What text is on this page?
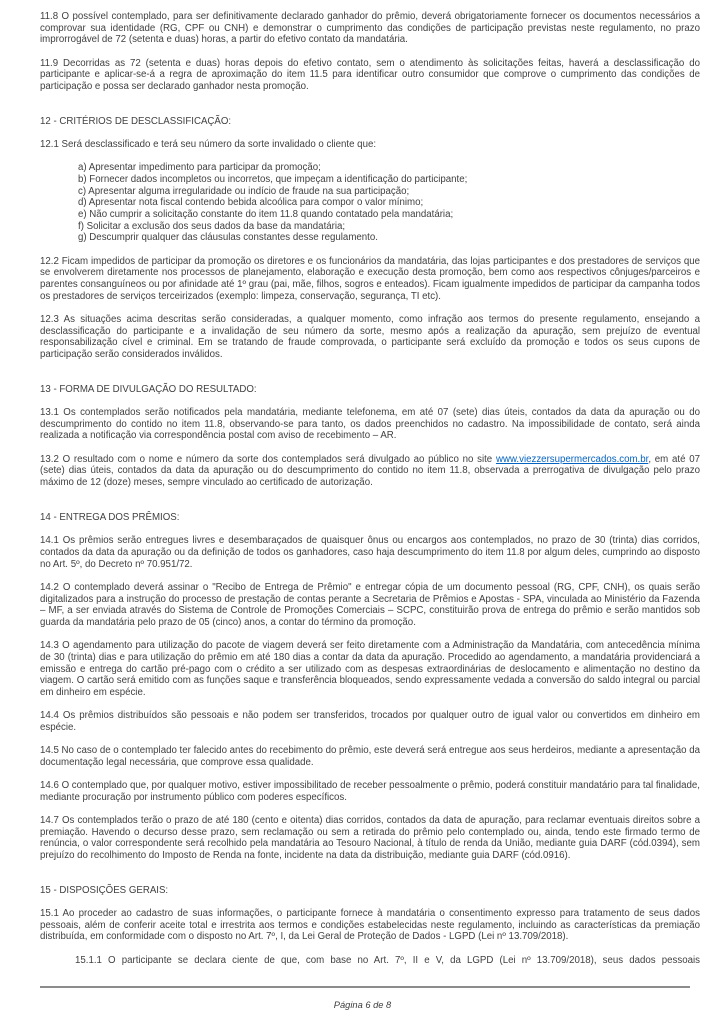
11.8 O possível contemplado, para ser definitivamente declarado ganhador do prêmio, deverá obrigatoriamente fornecer os documentos necessários a comprovar sua identidade (RG, CPF ou CNH) e demonstrar o cumprimento das condições de participação previstas neste regulamento, no prazo improrrogável de 72 (setenta e duas) horas, a partir do efetivo contato da mandatária.

11.9 Decorridas as 72 (setenta e duas) horas depois do efetivo contato, sem o atendimento às solicitações feitas, haverá a desclassificação do participante e aplicar-se-á a regra de aproximação do item 11.5 para identificar outro consumidor que comprove o cumprimento das condições de participação e possa ser declarado ganhador nesta promoção.

12 - CRITÉRIOS DE DESCLASSIFICAÇÃO:

12.1 Será desclassificado e terá seu número da sorte invalidado o cliente que:

a) Apresentar impedimento para participar da promoção;
b) Fornecer dados incompletos ou incorretos, que impeçam a identificação do participante;
c) Apresentar alguma irregularidade ou indício de fraude na sua participação;
d) Apresentar nota fiscal contendo bebida alcoólica para compor o valor mínimo;
e) Não cumprir a solicitação constante do item 11.8 quando contatado pela mandatária;
f) Solicitar a exclusão dos seus dados da base da mandatária;
g) Descumprir qualquer das cláusulas constantes desse regulamento.

12.2 Ficam impedidos de participar da promoção os diretores e os funcionários da mandatária, das lojas participantes e dos prestadores de serviços que se envolverem diretamente nos processos de planejamento, elaboração e execução desta promoção, bem como aos respectivos cônjuges/parceiros e parentes consanguíneos ou por afinidade até 1º grau (pai, mãe, filhos, sogros e enteados). Ficam igualmente impedidos de participar da campanha todos os prestadores de serviços terceirizados (exemplo: limpeza, conservação, segurança, TI etc).

12.3 As situações acima descritas serão consideradas, a qualquer momento, como infração aos termos do presente regulamento, ensejando a desclassificação do participante e a invalidação de seu número da sorte, mesmo após a realização da apuração, sem prejuízo de eventual responsabilização cível e criminal. Em se tratando de fraude comprovada, o participante será excluído da promoção e todos os seus cupons de participação serão considerados inválidos.

13 - FORMA DE DIVULGAÇÃO DO RESULTADO:

13.1 Os contemplados serão notificados pela mandatária, mediante telefonema, em até 07 (sete) dias úteis, contados da data da apuração ou do descumprimento do contido no item 11.8, observando-se para tanto, os dados preenchidos no cadastro. Na impossibilidade de contato, será ainda realizada a notificação via correspondência postal com aviso de recebimento – AR.

13.2 O resultado com o nome e número da sorte dos contemplados será divulgado ao público no site www.viezzersupermercados.com.br, em até 07 (sete) dias úteis, contados da data da apuração ou do descumprimento do contido no item 11.8, observada a prerrogativa de divulgação pelo prazo máximo de 12 (doze) meses, sempre vinculado ao certificado de autorização.

14 - ENTREGA DOS PRÊMIOS:

14.1 Os prêmios serão entregues livres e desembaraçados de quaisquer ônus ou encargos aos contemplados, no prazo de 30 (trinta) dias corridos, contados da data da apuração ou da definição de todos os ganhadores, caso haja descumprimento do item 11.8 por algum deles, cumprindo ao disposto no Art. 5º, do Decreto nº 70.951/72.

14.2 O contemplado deverá assinar o "Recibo de Entrega de Prêmio" e entregar cópia de um documento pessoal (RG, CPF, CNH), os quais serão digitalizados para a instrução do processo de prestação de contas perante a Secretaria de Prêmios e Apostas - SPA, vinculada ao Ministério da Fazenda – MF, a ser enviada através do Sistema de Controle de Promoções Comerciais – SCPC, constituirão prova de entrega do prêmio e serão mantidos sob guarda da mandatária pelo prazo de 05 (cinco) anos, a contar do término da promoção.

14.3 O agendamento para utilização do pacote de viagem deverá ser feito diretamente com a Administração da Mandatária, com antecedência mínima de 30 (trinta) dias e para utilização do prêmio em até 180 dias a contar da data da apuração. Procedido ao agendamento, a mandatária providenciará a emissão e entrega do cartão pré-pago com o crédito a ser utilizado com as despesas extraordinárias de deslocamento e alimentação no destino da viagem. O cartão será emitido com as funções saque e transferência bloqueados, sendo expressamente vedada a conversão do saldo integral ou parcial em dinheiro em espécie.

14.4 Os prêmios distribuídos são pessoais e não podem ser transferidos, trocados por qualquer outro de igual valor ou convertidos em dinheiro em espécie.

14.5 No caso de o contemplado ter falecido antes do recebimento do prêmio, este deverá será entregue aos seus herdeiros, mediante a apresentação da documentação legal necessária, que comprove essa qualidade.

14.6 O contemplado que, por qualquer motivo, estiver impossibilitado de receber pessoalmente o prêmio, poderá constituir mandatário para tal finalidade, mediante procuração por instrumento público com poderes específicos.

14.7 Os contemplados terão o prazo de até 180 (cento e oitenta) dias corridos, contados da data de apuração, para reclamar eventuais direitos sobre a premiação. Havendo o decurso desse prazo, sem reclamação ou sem a retirada do prêmio pelo contemplado ou, ainda, tendo este firmado termo de renúncia, o valor correspondente será recolhido pela mandatária ao Tesouro Nacional, à título de renda da União, mediante guia DARF (cód.0394), sem prejuízo do recolhimento do Imposto de Renda na fonte, incidente na data da distribuição, mediante guia DARF (cód.0916).

15 - DISPOSIÇÕES GERAIS:

15.1 Ao proceder ao cadastro de suas informações, o participante fornece à mandatária o consentimento expresso para tratamento de seus dados pessoais, além de conferir aceite total e irrestrita aos termos e condições estabelecidas neste regulamento, incluindo as características da premiação distribuída, em conformidade com o disposto no Art. 7º, I, da Lei Geral de Proteção de Dados - LGPD (Lei nº 13.709/2018).

15.1.1 O participante se declara ciente de que, com base no Art. 7º, II e V, da LGPD (Lei nº 13.709/2018), seus dados pessoais

Página 6 de 8
